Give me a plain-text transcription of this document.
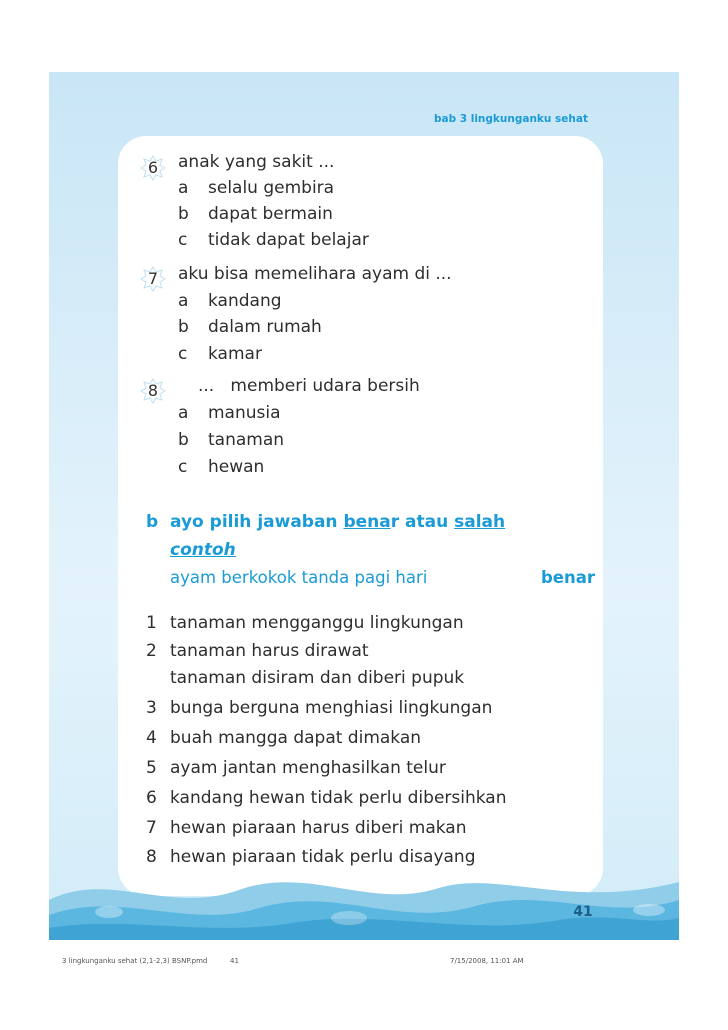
bab 3 lingkunganku sehat
6	anak yang sakit ...
a selalu gembira
b dapat bermain
c tidak dapat belajar
7	aku bisa memelihara ayam di ...
a kandang
b dalam rumah
c kamar
8	...   memberi udara bersih
a manusia
b tanaman
c hewan
b ayo pilih jawaban benar atau salah
contoh
ayam berkokok tanda pagi hari	benar
1 tanaman mengganggu lingkungan
2 tanaman harus dirawat
tanaman disiram dan diberi pupuk
3 bunga berguna menghiasi lingkungan
4 buah mangga dapat dimakan
5 ayam jantan menghasilkan telur
6 kandang hewan tidak perlu dibersihkan
7 hewan piaraan harus diberi makan
8 hewan piaraan tidak perlu disayang
41
3 lingkunganku sehat (2,1-2,3) BSNP.pmd	41	7/15/2008, 11:01 AM
